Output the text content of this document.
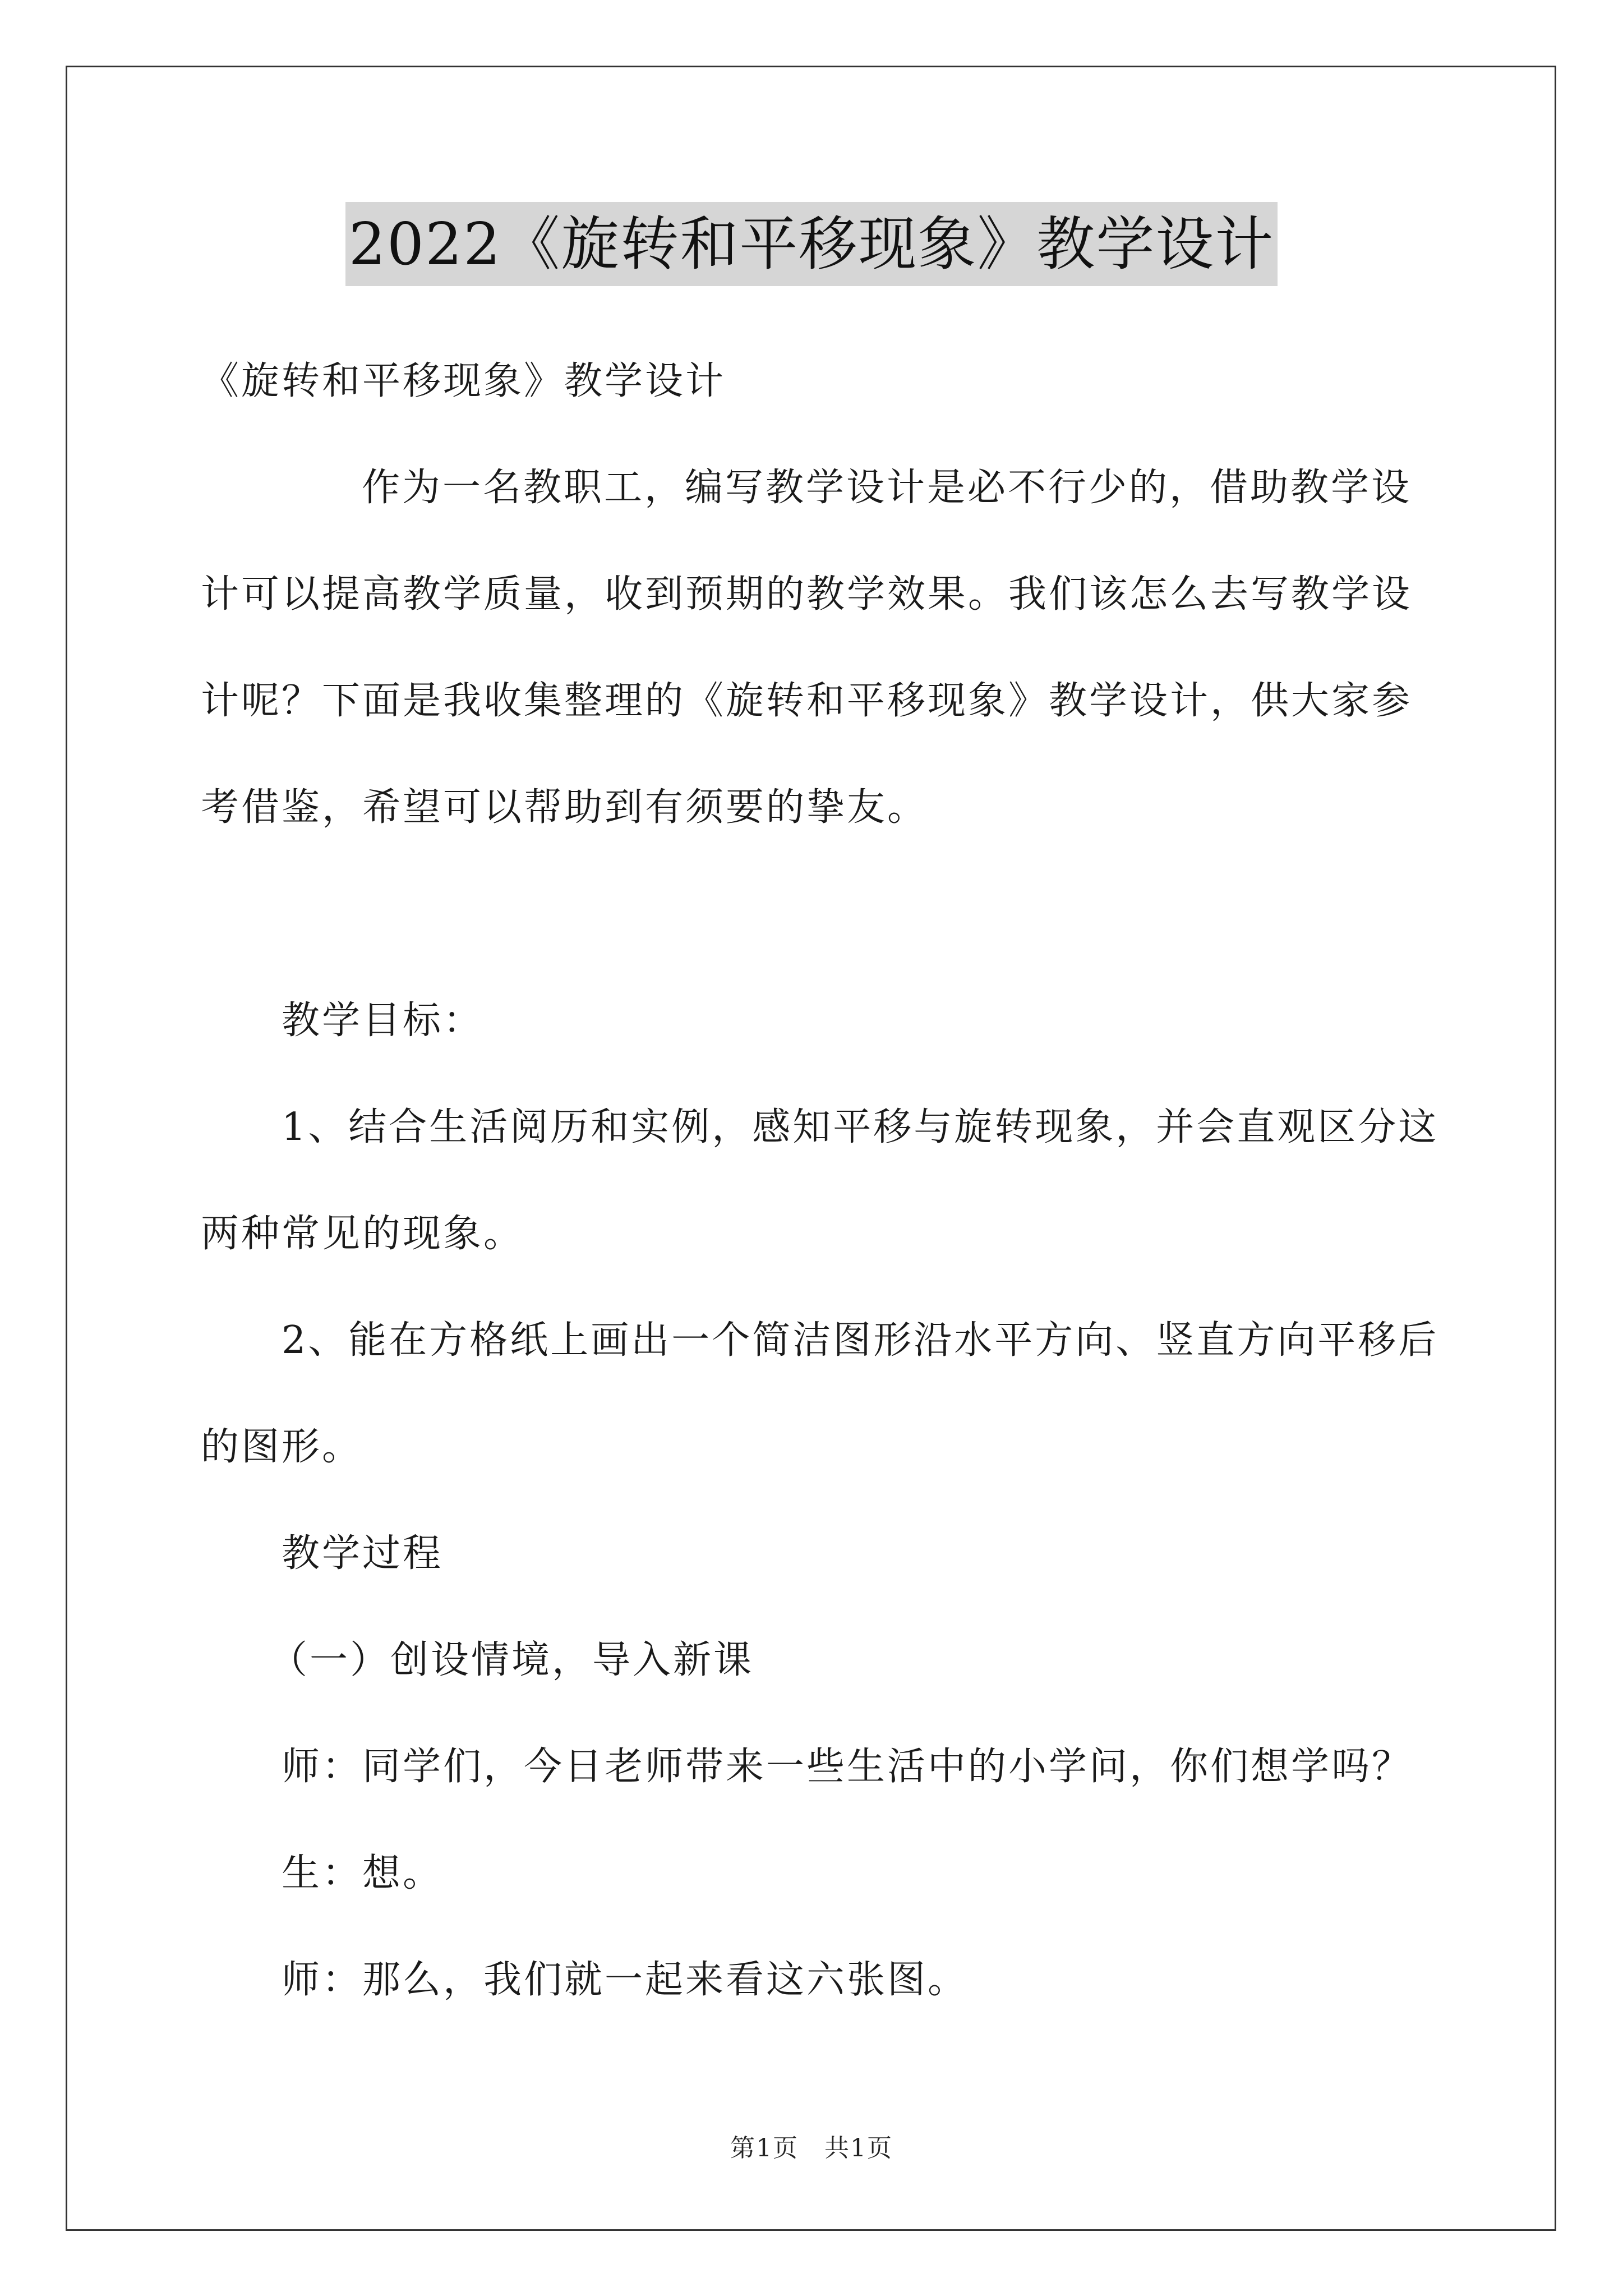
2022《旋转和平移现象》教学设计
《旋转和平移现象》教学设计
作为一名教职工，编写教学设计是必不行少的，借助教学设
计可以提高教学质量，收到预期的教学效果。我们该怎么去写教学设
计呢？下面是我收集整理的《旋转和平移现象》教学设计，供大家参
考借鉴，希望可以帮助到有须要的挚友。
教学目标：
1、结合生活阅历和实例，感知平移与旋转现象，并会直观区分这
两种常见的现象。
2、能在方格纸上画出一个简洁图形沿水平方向、竖直方向平移后
的图形。
教学过程
（一）创设情境，导入新课
师：同学们，今日老师带来一些生活中的小学问，你们想学吗？
生：想。
师：那么，我们就一起来看这六张图。
第1页　共1页
